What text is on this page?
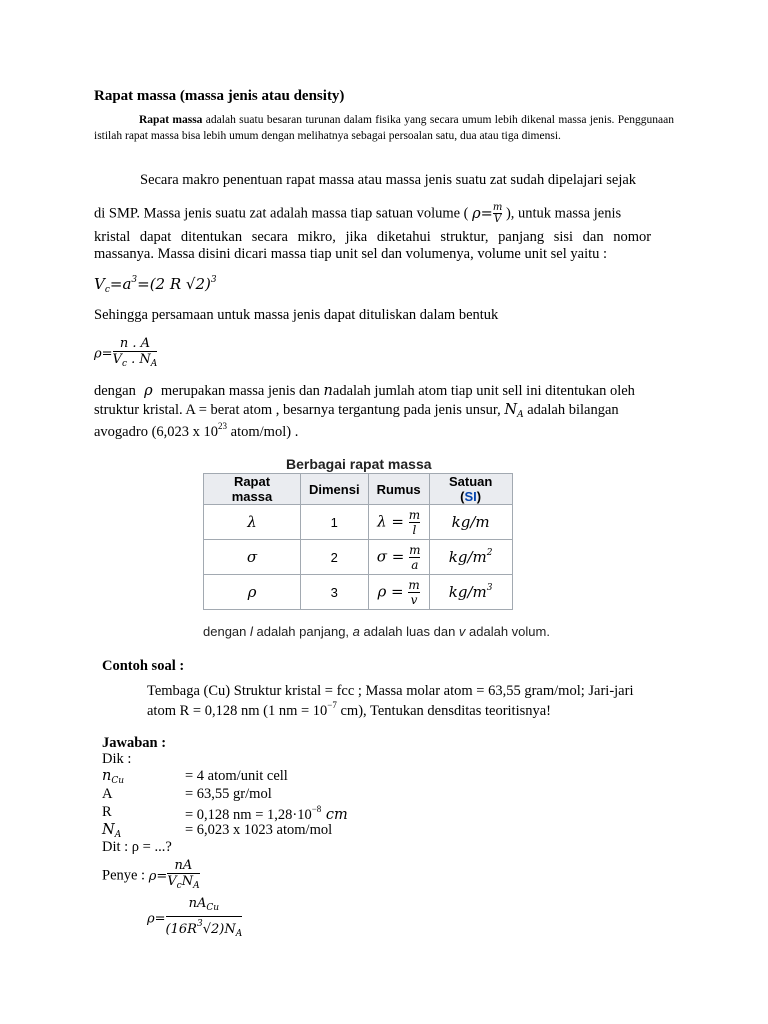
Rapat massa (massa jenis atau density)
Rapat massa adalah suatu besaran turunan dalam fisika yang secara umum lebih dikenal massa jenis. Penggunaan istilah rapat massa bisa lebih umum dengan melihatnya sebagai persoalan satu, dua atau tiga dimensi.
Secara makro penentuan rapat massa atau massa jenis suatu zat sudah dipelajari sejak
di SMP. Massa jenis suatu zat adalah massa tiap satuan volume ( $\rho= \frac{m}{V}$ ), untuk massa jenis
kristal dapat ditentukan secara mikro, jika diketahui struktur, panjang sisi dan nomor
massanya. Massa disini dicari massa tiap unit sel dan volumenya, volume unit sel yaitu :
$V_c=a^3=(2$ R √2)$^3$
Sehingga persamaan untuk massa jenis dapat dituliskan dalam bentuk
$\rho= \frac{n . A}{V_c . N_A}$
dengan  ρ  merupakan massa jenis dan nadalah jumlah atom tiap unit sell ini ditentukan oleh
struktur kristal. A = berat atom , besarnya tergantung pada jenis unsur, $N_A$ adalah bilangan
avogadro (6,023 x $10^{23}$ atom/mol) .
Berbagai rapat massa
Rapat massa	Dimensi	Rumus	Satuan (SI)
λ	1	$\lambda = \frac{m}{l}$	kg/m
σ	2	$\sigma = \frac{m}{a}$	$kg/m^2$
ρ	3	$\rho = \frac{m}{v}$	$kg/m^3$
dengan l adalah panjang, a adalah luas dan v adalah volum.
Contoh soal :
Tembaga (Cu) Struktur kristal = fcc ; Massa molar atom = 63,55 gram/mol; Jari-jari
atom R = 0,128 nm (1 nm = $10^{-7}$ cm), Tentukan densditas teoritisnya!
Jawaban :
Dik :
$n_{Cu}$	= 4 atom/unit cell
A	= 63,55 gr/mol
R	= 0,128 nm = $1,28\cdot 10^{-8}$ cm
$N_A$	= 6,023 x 1023 atom/mol
Dit : ρ = ...?
Penye : $\rho= \frac{nA}{V_cN_A}$
$\rho= \frac{nA_{Cu}}{(16R^3√2)N_A}$
